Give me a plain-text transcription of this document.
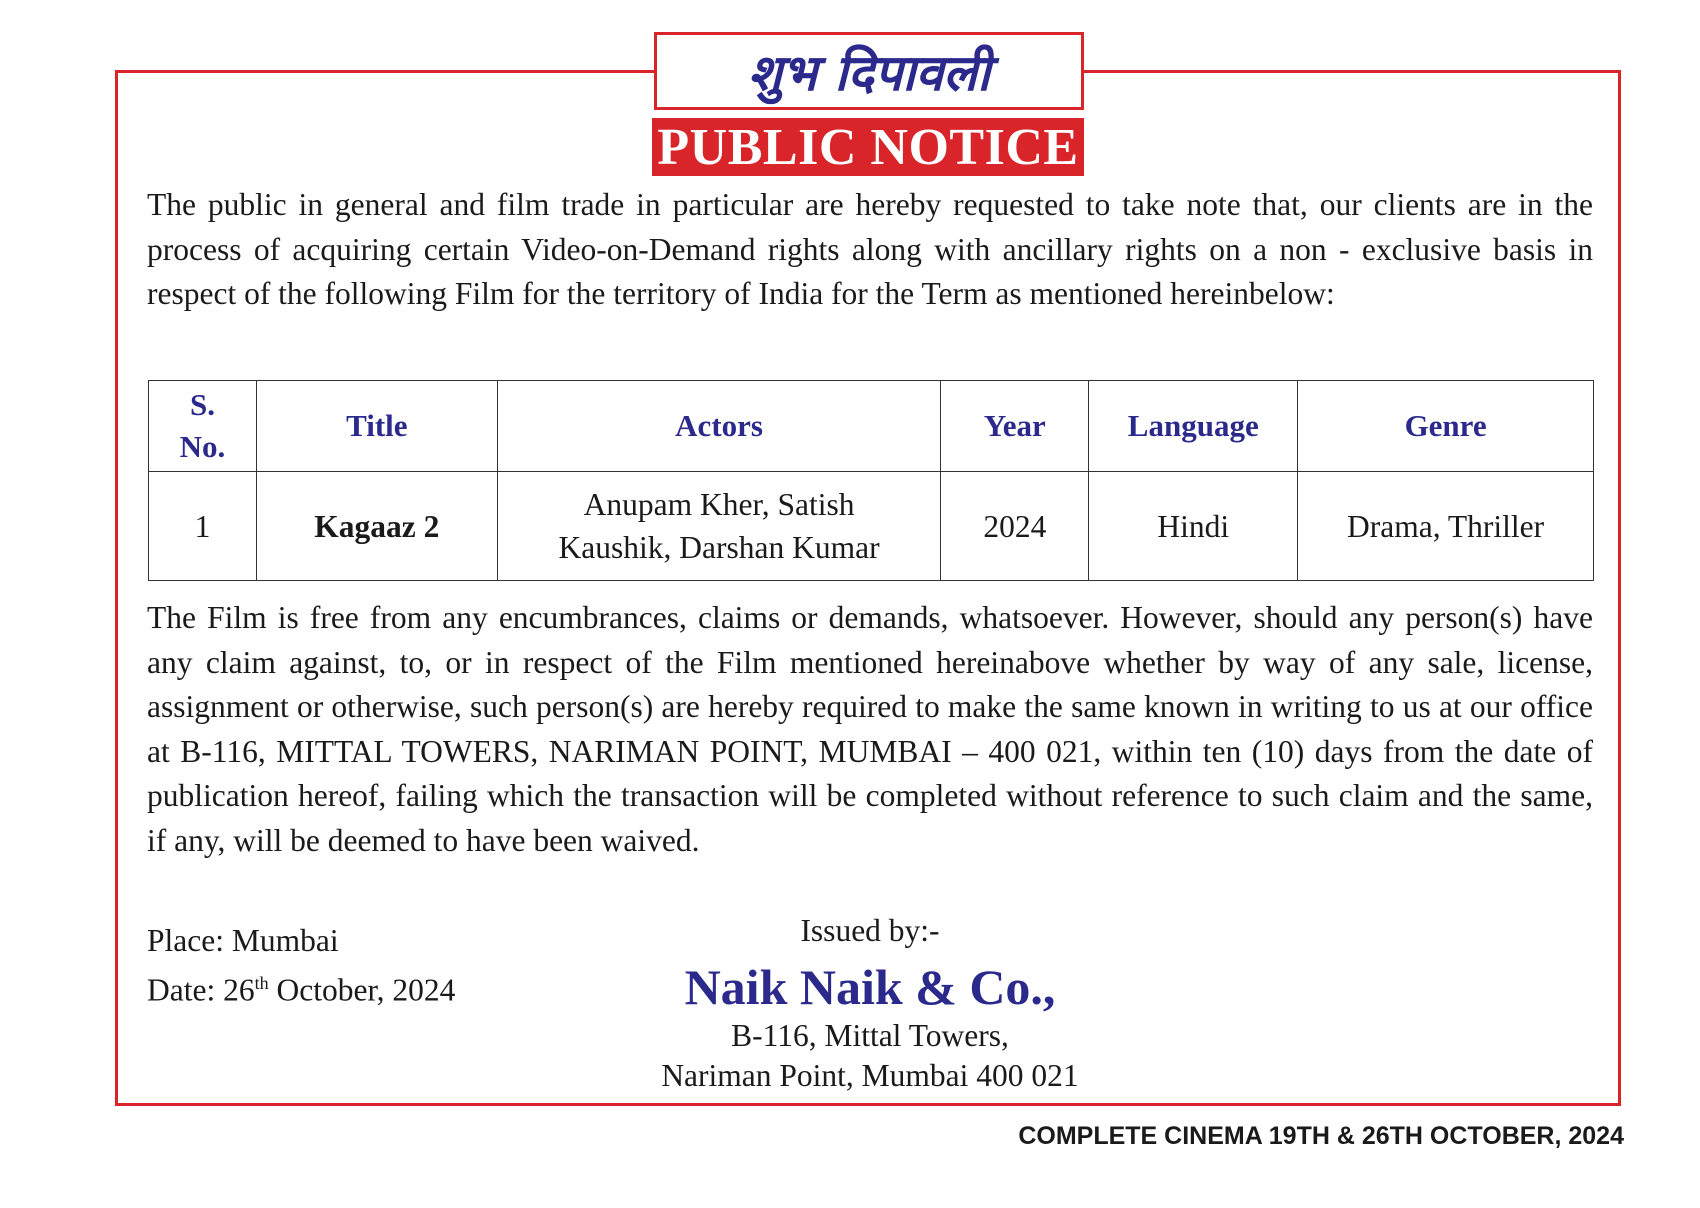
शुभ दिपावली
PUBLIC NOTICE

The public in general and film trade in particular are hereby requested to take note that, our clients are in the process of acquiring certain Video-on-Demand rights along with ancillary rights on a non - exclusive basis in respect of the following Film for the territory of India for the Term as mentioned hereinbelow:

S.
No.	Title	Actors	Year	Language	Genre
1	Kagaaz 2	Anupam Kher, Satish
Kaushik, Darshan Kumar	2024	Hindi	Drama, Thriller

The Film is free from any encumbrances, claims or demands, whatsoever. However, should any person(s) have any claim against, to, or in respect of the Film mentioned hereinabove whether by way of any sale, license, assignment or otherwise, such person(s) are hereby required to make the same known in writing to us at our office at B-116, MITTAL TOWERS, NARIMAN POINT, MUMBAI – 400 021, within ten (10) days from the date of publication hereof, failing which the transaction will be completed without reference to such claim and the same, if any, will be deemed to have been waived.

Place: Mumbai
Date: 26th October, 2024
Issued by:-
Naik Naik & Co.,
B-116, Mittal Towers,
Nariman Point, Mumbai 400 021
COMPLETE CINEMA 19TH & 26TH OCTOBER, 2024
